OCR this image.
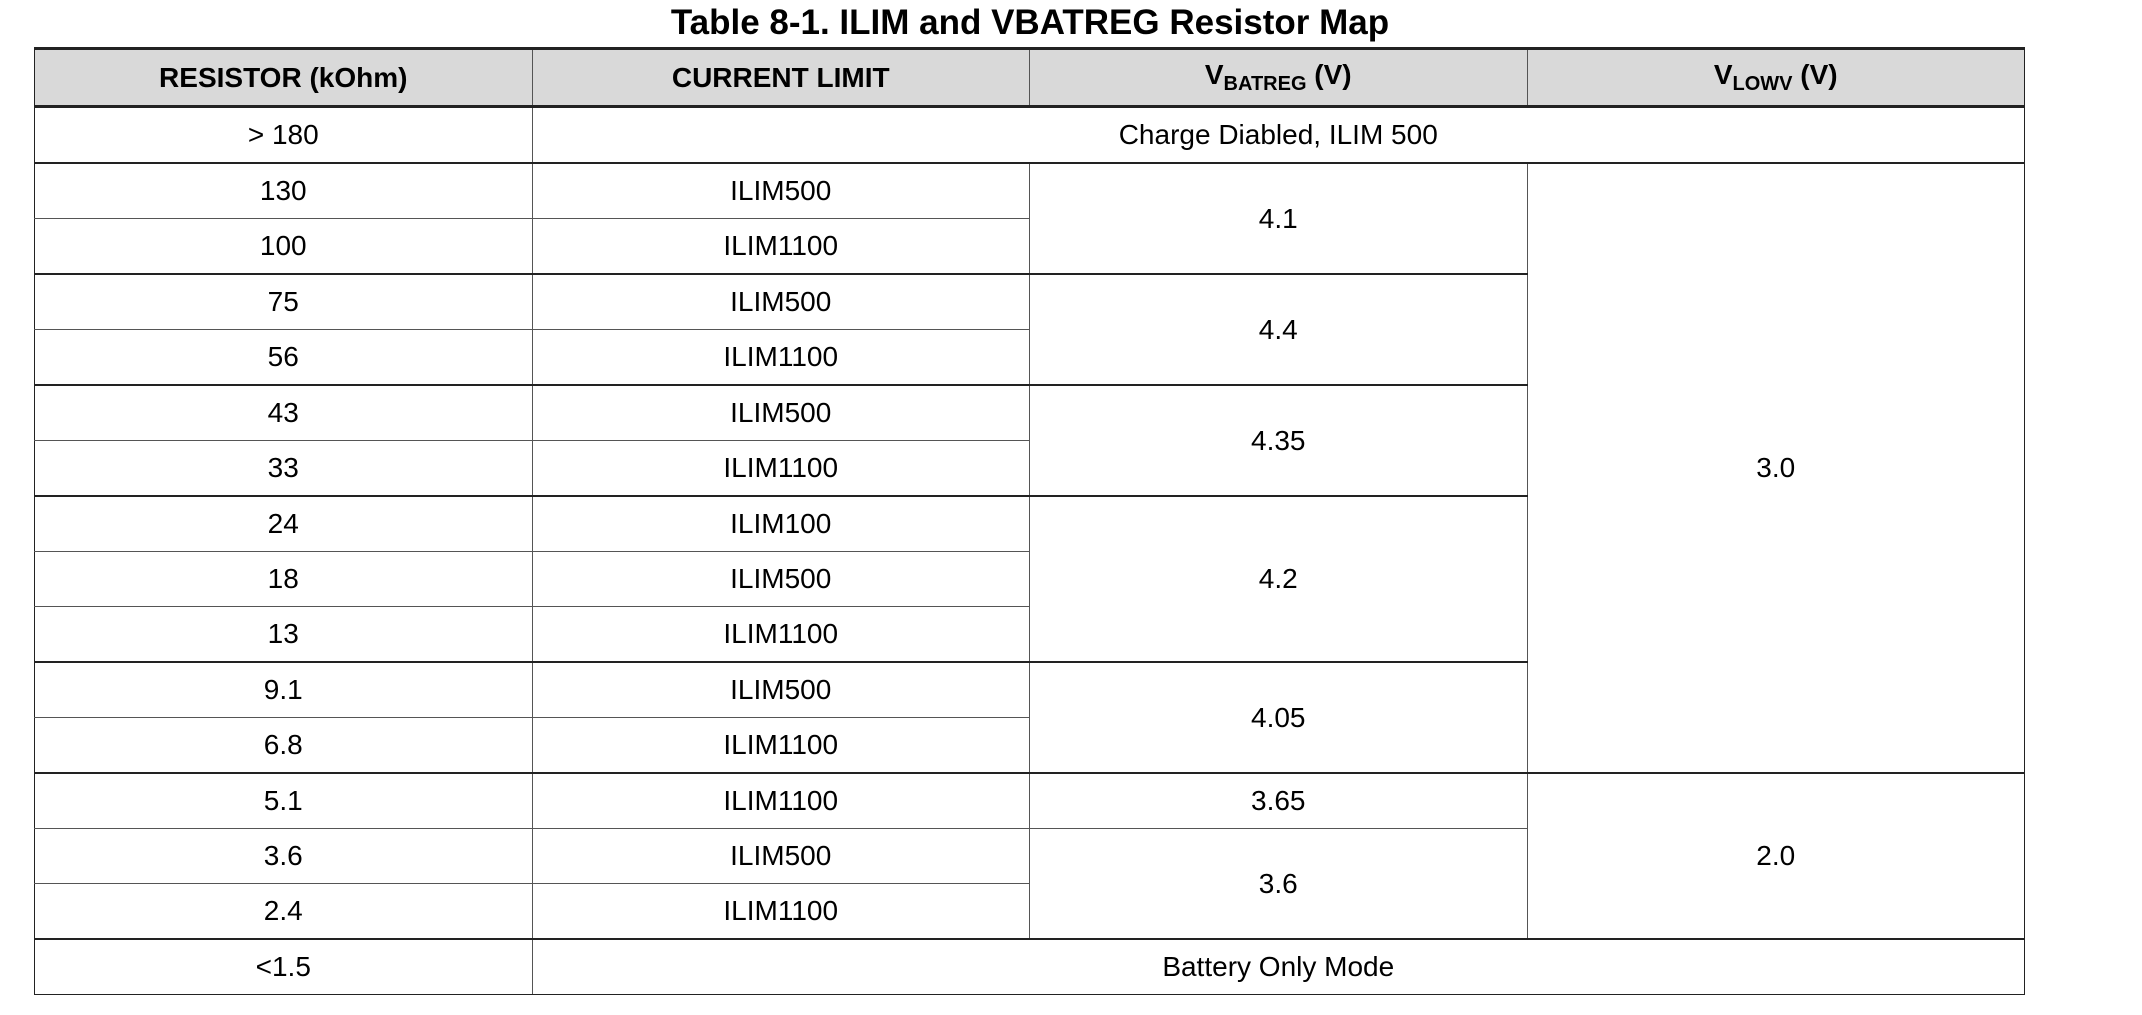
Table 8-1. ILIM and VBATREG Resistor Map
RESISTOR (kOhm)	CURRENT LIMIT	$V_{BATREG}$ (V)	$V_{LOWV}$ (V)
> 180	Charge Diabled, ILIM 500		
130	ILIM500	4.1	3.0
100	ILIM1100		
75	ILIM500	4.4	
56	ILIM1100		
43	ILIM500	4.35	
33	ILIM1100		
24	ILIM100	4.2	
18	ILIM500		
13	ILIM1100		
9.1	ILIM500	4.05	
6.8	ILIM1100		
5.1	ILIM1100	3.65	2.0
3.6	ILIM500	3.6	
2.4	ILIM1100		
<1.5	Battery Only Mode		
